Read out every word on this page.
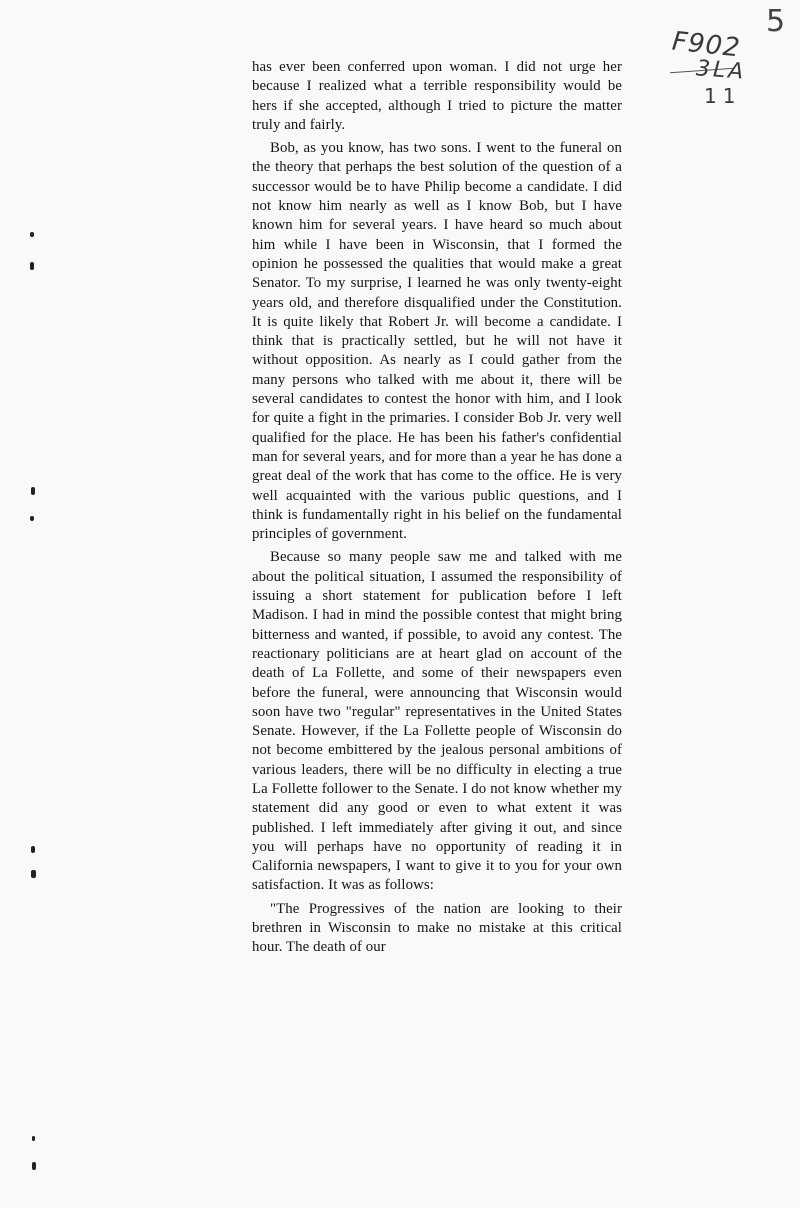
5
F902
3LA
11

has ever been conferred upon woman. I did not urge her because I realized what a terrible responsibility would be hers if she accepted, although I tried to picture the matter truly and fairly.

Bob, as you know, has two sons. I went to the funeral on the theory that perhaps the best solution of the question of a successor would be to have Philip become a candidate. I did not know him nearly as well as I know Bob, but I have known him for several years. I have heard so much about him while I have been in Wisconsin, that I formed the opinion he possessed the qualities that would make a great Senator. To my surprise, I learned he was only twenty-eight years old, and therefore disqualified under the Constitution. It is quite likely that Robert Jr. will become a candidate. I think that is practically settled, but he will not have it without opposition. As nearly as I could gather from the many persons who talked with me about it, there will be several candidates to contest the honor with him, and I look for quite a fight in the primaries. I consider Bob Jr. very well qualified for the place. He has been his father's confidential man for several years, and for more than a year he has done a great deal of the work that has come to the office. He is very well acquainted with the various public questions, and I think is fundamentally right in his belief on the fundamental principles of government.

Because so many people saw me and talked with me about the political situation, I assumed the responsibility of issuing a short statement for publication before I left Madison. I had in mind the possible contest that might bring bitterness and wanted, if possible, to avoid any contest. The reactionary politicians are at heart glad on account of the death of La Follette, and some of their newspapers even before the funeral, were announcing that Wisconsin would soon have two "regular" representatives in the United States Senate. However, if the La Follette people of Wisconsin do not become embittered by the jealous personal ambitions of various leaders, there will be no difficulty in electing a true La Follette follower to the Senate. I do not know whether my statement did any good or even to what extent it was published. I left immediately after giving it out, and since you will perhaps have no opportunity of reading it in California newspapers, I want to give it to you for your own satisfaction. It was as follows:

"The Progressives of the nation are looking to their brethren in Wisconsin to make no mistake at this critical hour. The death of our
